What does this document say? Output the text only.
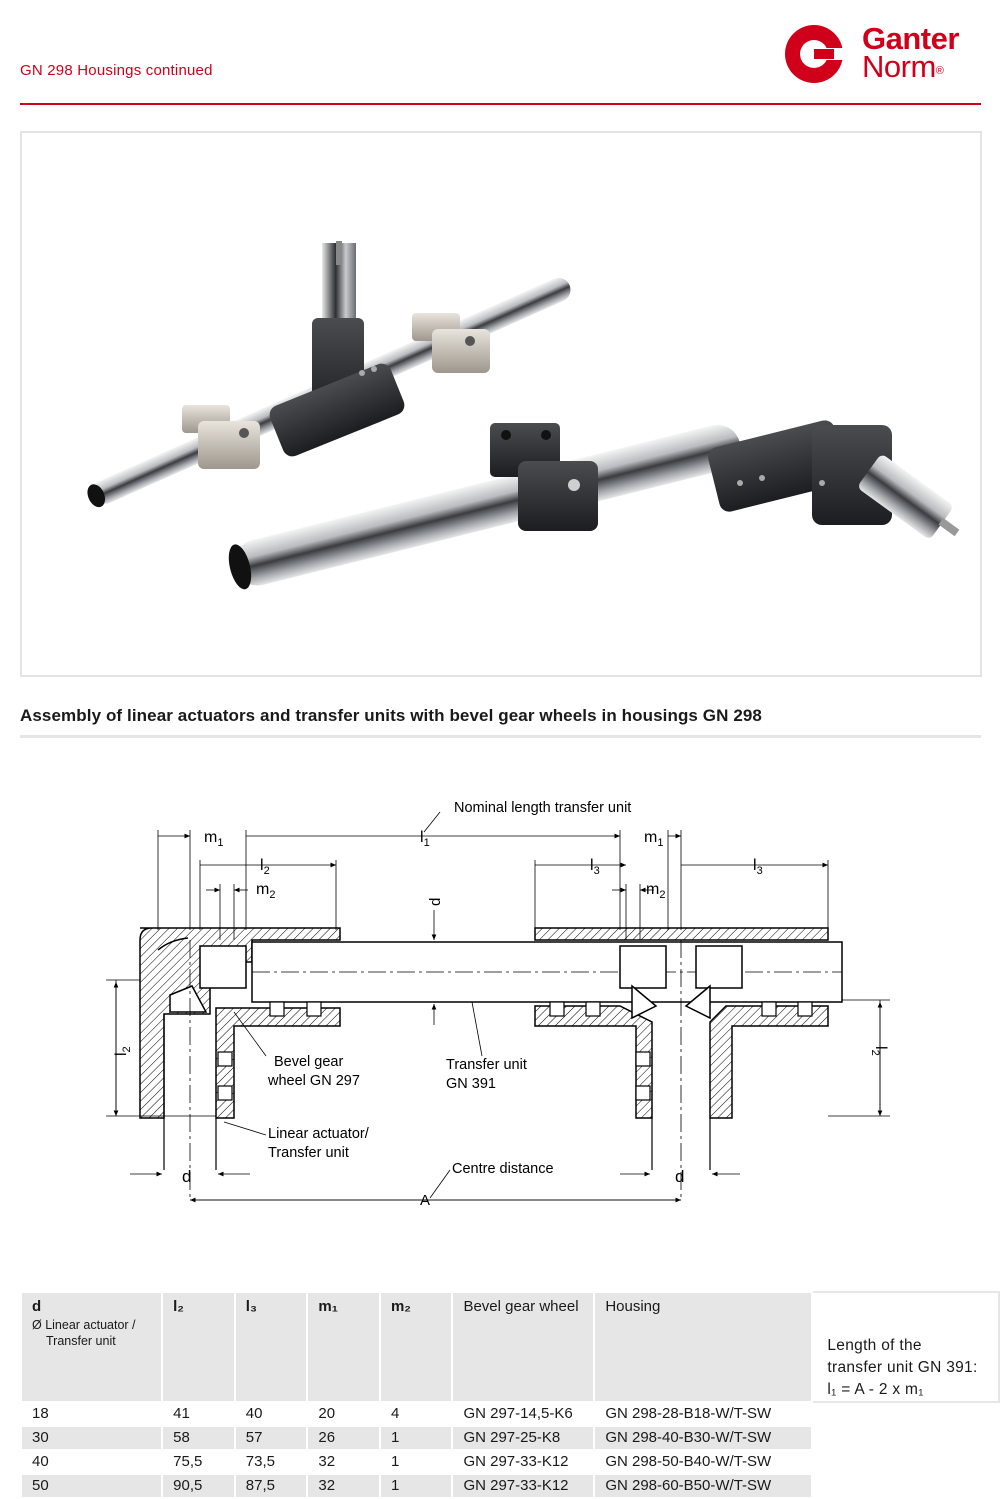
GN 298 Housings continued
Ganter
Norm®
Assembly of linear actuators and transfer units with bevel gear wheels in housings GN 298
Nominal length transfer unit
Bevel gear
wheel GN 297
Transfer unit
GN 391
Linear actuator/
Transfer unit
Centre distance
d	d
A
d
$m_1$	$l_1$	$m_1$
$l_2$	$l_3$	$l_3$
$m_2$	$m_2$
$l_2$	$l_2$
d
Ø Linear actuator /
Transfer unit	l₂	l₃	m₁	m₂	Bevel gear wheel	Housing	Length of the
transfer unit GN 391:
l₁ = A - 2 x m₁

18	41	40	20	4	GN 297-14,5-K6	GN 298-28-B18-W/T-SW	
30	58	57	26	1	GN 297-25-K8	GN 298-40-B30-W/T-SW	
40	75,5	73,5	32	1	GN 297-33-K12	GN 298-50-B40-W/T-SW	
50	90,5	87,5	32	1	GN 297-33-K12	GN 298-60-B50-W/T-SW	
